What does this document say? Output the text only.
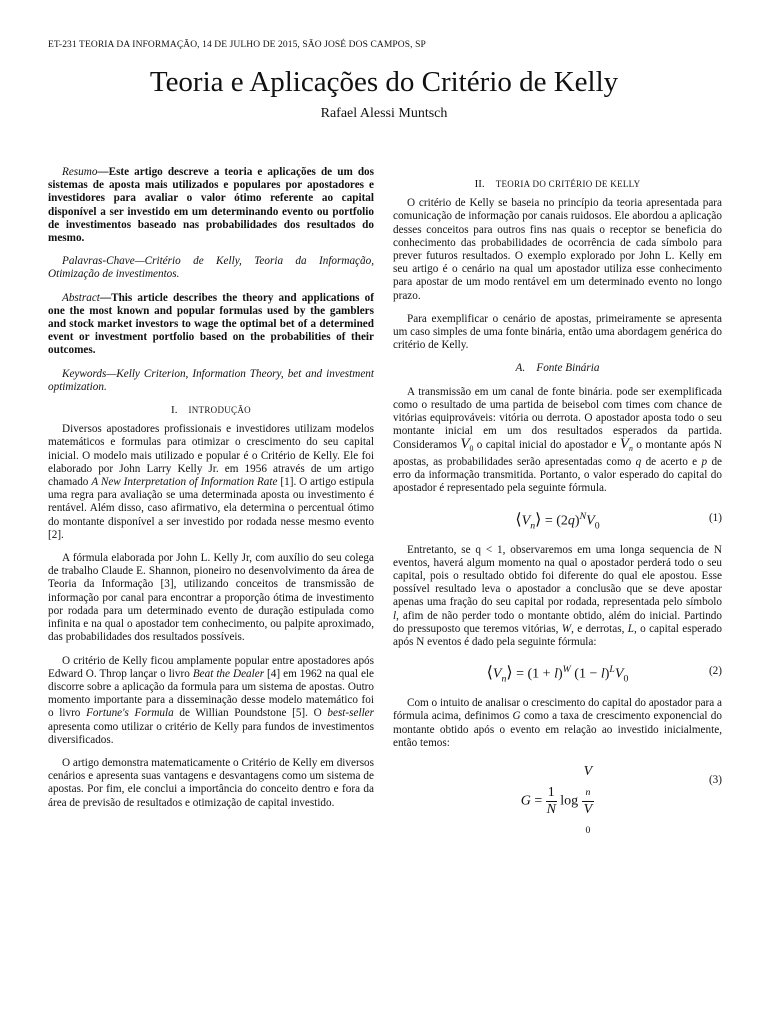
ET-231 TEORIA DA INFORMAÇÃO, 14 DE JULHO DE 2015, SÃO JOSÉ DOS CAMPOS, SP
Teoria e Aplicações do Critério de Kelly
Rafael Alessi Muntsch

Resumo—Este artigo descreve a teoria e aplicações de um dos sistemas de aposta mais utilizados e populares por apostadores e investidores para avaliar o valor ótimo referente ao capital disponível a ser investido em um determinando evento ou portfolio de investimentos baseado nas probabilidades dos resultados do mesmo.

Palavras-Chave—Critério de Kelly, Teoria da Informação, Otimização de investimentos.

Abstract—This article describes the theory and applications of one the most known and popular formulas used by the gamblers and stock market investors to wage the optimal bet of a determined event or investment portfolio based on the probabilities of their outcomes.

Keywords—Kelly Criterion, Information Theory, bet and investment optimization.

I. INTRODUÇÃO

Diversos apostadores profissionais e investidores utilizam modelos matemáticos e formulas para otimizar o crescimento do seu capital inicial. O modelo mais utilizado e popular é o Critério de Kelly. Ele foi elaborado por John Larry Kelly Jr. em 1956 através de um artigo chamado A New Interpretation of Information Rate [1]. O artigo estipula uma regra para avaliação se uma determinada aposta ou investimento é rentável. Além disso, caso afirmativo, ela determina o percentual ótimo do montante disponível a ser investido por rodada nesse mesmo evento [2].

A fórmula elaborada por John L. Kelly Jr, com auxílio do seu colega de trabalho Claude E. Shannon, pioneiro no desenvolvimento da área de Teoria da Informação [3], utilizando conceitos de transmissão de informação por canal para encontrar a proporção ótima de investimento por rodada para um determinado evento de duração estipulada como infinita e na qual o apostador tem conhecimento, ou palpite aproximado, das probabilidades dos resultados possíveis.

O critério de Kelly ficou amplamente popular entre apostadores após Edward O. Throp lançar o livro Beat the Dealer [4] em 1962 na qual ele discorre sobre a aplicação da formula para um sistema de apostas. Outro momento importante para a disseminação desse modelo matemático foi o livro Fortune's Formula de Willian Poundstone [5]. O best-seller apresenta como utilizar o critério de Kelly para fundos de investimentos diversificados.

O artigo demonstra matematicamente o Critério de Kelly em diversos cenários e apresenta suas vantagens e desvantagens como um sistema de apostas. Por fim, ele conclui a importância do conceito dentro e fora da área de previsão de resultados e otimização de capital investido.

II. TEORIA DO CRITÉRIO DE KELLY

O critério de Kelly se baseia no princípio da teoria apresentada para comunicação de informação por canais ruidosos. Ele abordou a aplicação desses conceitos para outros fins nas quais o receptor se beneficia do conhecimento das probabilidades de ocorrência de cada símbolo para prever futuros resultados. O exemplo explorado por John L. Kelly em seu artigo é o cenário na qual um apostador utiliza esse conhecimento para apostar de um modo rentável em um determinado evento no longo prazo.

Para exemplificar o cenário de apostas, primeiramente se apresenta um caso simples de uma fonte binária, então uma abordagem genérica do critério de Kelly.

A.    Fonte Binária

A transmissão em um canal de fonte binária. pode ser exemplificada como o resultado de uma partida de beisebol com times com chance de vitórias equiprováveis: vitória ou derrota. O apostador aposta todo o seu montante inicial em um dos resultados esperados da partida. Consideramos $V_0$ o capital inicial do apostador e $V_n$ o montante após N apostas, as probabilidades serão apresentadas como q de acerto e p de erro da informação transmitida. Portanto, o valor esperado do capital do apostador é representado pela seguinte fórmula.

$⟨V_n⟩ = (2q)^NV_0$
(1)

Entretanto, se q < 1, observaremos em uma longa sequencia de N eventos, haverá algum momento na qual o apostador perderá todo o seu capital, pois o resultado obtido foi diferente do qual ele apostou. Esse possível resultado leva o apostador a conclusão que se deve apostar apenas uma fração do seu capital por rodada, representada pelo símbolo l, afim de não perder todo o montante obtido, além do inicial. Partindo do pressuposto que teremos vitórias, W, e derrotas, L, o capital esperado após N eventos é dado pela seguinte fórmula:

$⟨V_n⟩ = (1 + l)^W$ $(1 - l)^LV_0$
(2)

Com o intuito de analisar o crescimento do capital do apostador para a fórmula acima, definimos G como a taxa de crescimento exponencial do montante obtido após o evento em relação ao investido inicialmente, então temos:

$G = \frac{1}{N}$ log V
$_n$
V
$_0$	(3)
